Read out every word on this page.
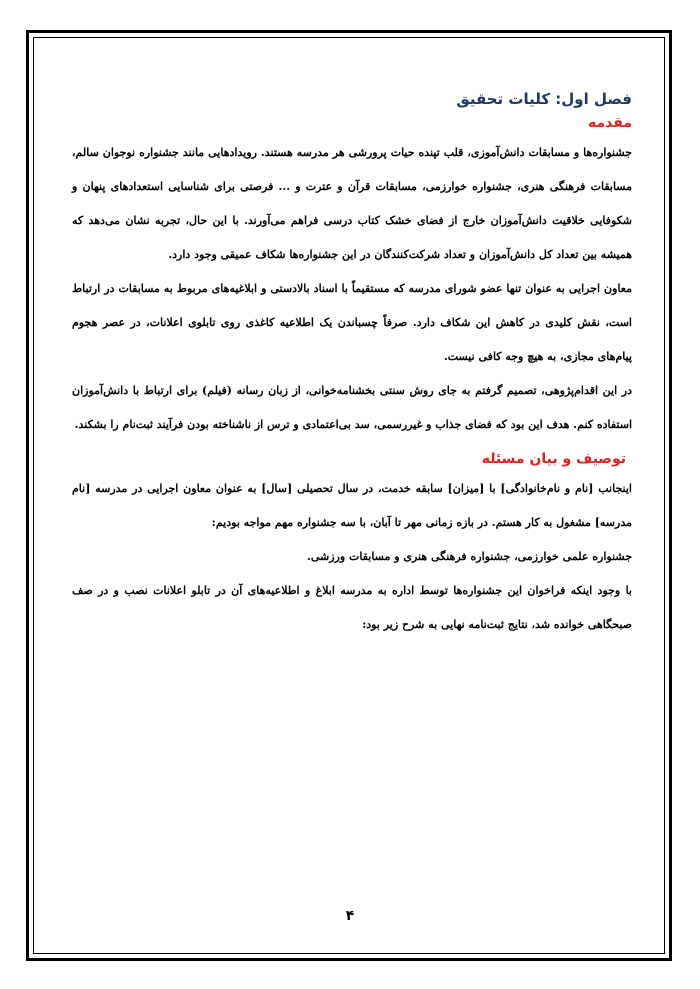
فصل اول: کلیات تحقیق
مقدمه

جشنواره‌ها و مسابقات دانش‌آموزی، قلب تپنده حیات پرورشی هر مدرسه هستند. رویدادهایی مانند جشنواره نوجوان سالم، مسابقات فرهنگی هنری، جشنواره خوارزمی، مسابقات قرآن و عترت و ... فرصتی برای شناسایی استعدادهای پنهان و شکوفایی خلاقیت دانش‌آموزان خارج از فضای خشک کتاب درسی فراهم می‌آورند. با این حال، تجربه نشان می‌دهد که همیشه بین تعداد کل دانش‌آموزان و تعداد شرکت‌کنندگان در این جشنواره‌ها شکاف عمیقی وجود دارد.

معاون اجرایی به عنوان تنها عضو شورای مدرسه که مستقیماً با اسناد بالادستی و ابلاغیه‌های مربوط به مسابقات در ارتباط است، نقش کلیدی در کاهش این شکاف دارد. صرفاً چسباندن یک اطلاعیه کاغذی روی تابلوی اعلانات، در عصر هجوم پیام‌های مجازی، به هیچ وجه کافی نیست.

در این اقدام‌پژوهی، تصمیم گرفتم به جای روش سنتی بخشنامه‌خوانی، از زبان رسانه (فیلم) برای ارتباط با دانش‌آموزان استفاده کنم. هدف این بود که فضای جذاب و غیررسمی، سد بی‌اعتمادی و ترس از ناشناخته بودن فرآیند ثبت‌نام را بشکند.

توصیف و بیان مسئله

اینجانب [نام و نام‌خانوادگی] با [میزان] سابقه خدمت، در سال تحصیلی [سال] به عنوان معاون اجرایی در مدرسه [نام مدرسه] مشغول به کار هستم. در بازه زمانی مهر تا آبان، با سه جشنواره مهم مواجه بودیم:

جشنواره علمی خوارزمی، جشنواره فرهنگی هنری و مسابقات ورزشی.

با وجود اینکه فراخوان این جشنواره‌ها توسط اداره به مدرسه ابلاغ و اطلاعیه‌های آن در تابلو اعلانات نصب و در صف صبحگاهی خوانده شد، نتایج ثبت‌نامه نهایی به شرح زیر بود:

۴
